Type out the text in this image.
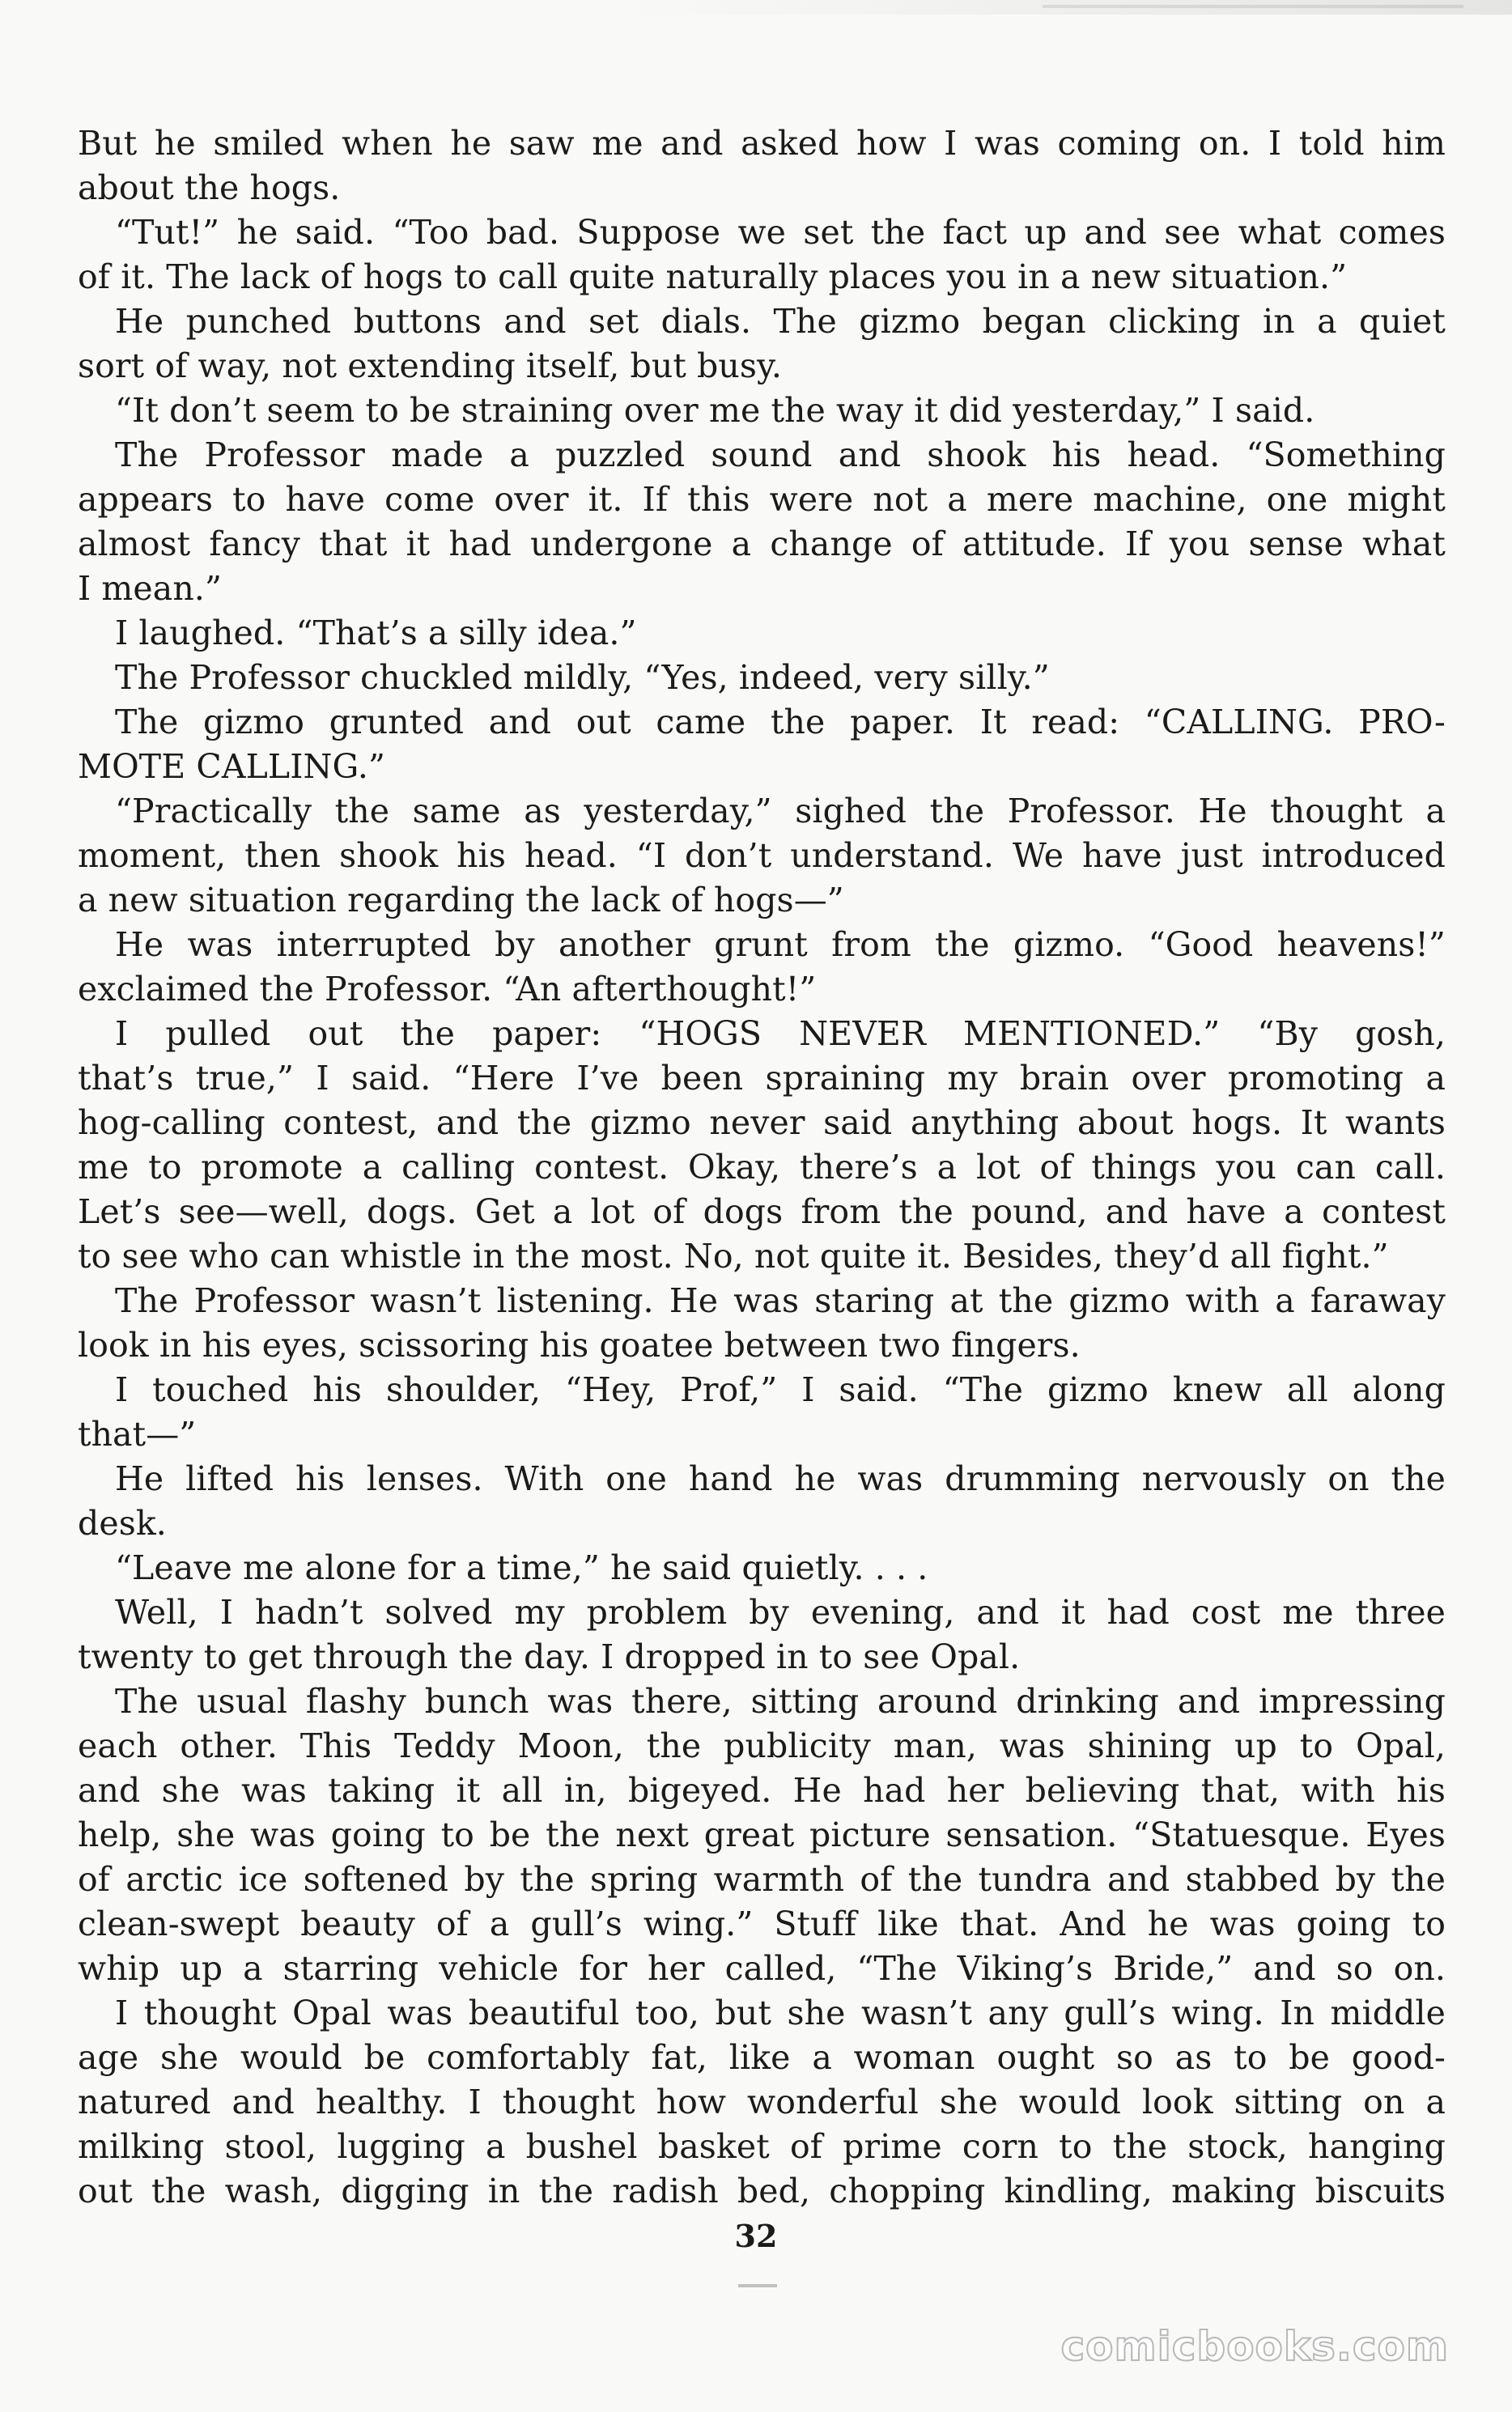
But he smiled when he saw me and asked how I was coming on. I told him
about the hogs.
“Tut!” he said. “Too bad. Suppose we set the fact up and see what comes
of it. The lack of hogs to call quite naturally places you in a new situation.”
He punched buttons and set dials. The gizmo began clicking in a quiet
sort of way, not extending itself, but busy.
“It don’t seem to be straining over me the way it did yesterday,” I said.
The Professor made a puzzled sound and shook his head. “Something
appears to have come over it. If this were not a mere machine, one might
almost fancy that it had undergone a change of attitude. If you sense what
I mean.”
I laughed. “That’s a silly idea.”
The Professor chuckled mildly, “Yes, indeed, very silly.”
The gizmo grunted and out came the paper. It read: “CALLING. PRO-
MOTE CALLING.”
“Practically the same as yesterday,” sighed the Professor. He thought a
moment, then shook his head. “I don’t understand. We have just introduced
a new situation regarding the lack of hogs—”
He was interrupted by another grunt from the gizmo. “Good heavens!”
exclaimed the Professor. “An afterthought!”
I pulled out the paper: “HOGS NEVER MENTIONED.” “By gosh,
that’s true,” I said. “Here I’ve been spraining my brain over promoting a
hog-calling contest, and the gizmo never said anything about hogs. It wants
me to promote a calling contest. Okay, there’s a lot of things you can call.
Let’s see—well, dogs. Get a lot of dogs from the pound, and have a contest
to see who can whistle in the most. No, not quite it. Besides, they’d all fight.”
The Professor wasn’t listening. He was staring at the gizmo with a faraway
look in his eyes, scissoring his goatee between two fingers.
I touched his shoulder, “Hey, Prof,” I said. “The gizmo knew all along
that—”
He lifted his lenses. With one hand he was drumming nervously on the
desk.
“Leave me alone for a time,” he said quietly. . . .
Well, I hadn’t solved my problem by evening, and it had cost me three
twenty to get through the day. I dropped in to see Opal.
The usual flashy bunch was there, sitting around drinking and impressing
each other. This Teddy Moon, the publicity man, was shining up to Opal,
and she was taking it all in, bigeyed. He had her believing that, with his
help, she was going to be the next great picture sensation. “Statuesque. Eyes
of arctic ice softened by the spring warmth of the tundra and stabbed by the
clean-swept beauty of a gull’s wing.” Stuff like that. And he was going to
whip up a starring vehicle for her called, “The Viking’s Bride,” and so on.
I thought Opal was beautiful too, but she wasn’t any gull’s wing. In middle
age she would be comfortably fat, like a woman ought so as to be good-
natured and healthy. I thought how wonderful she would look sitting on a
milking stool, lugging a bushel basket of prime corn to the stock, hanging
out the wash, digging in the radish bed, chopping kindling, making biscuits
32
comicbooks.com
